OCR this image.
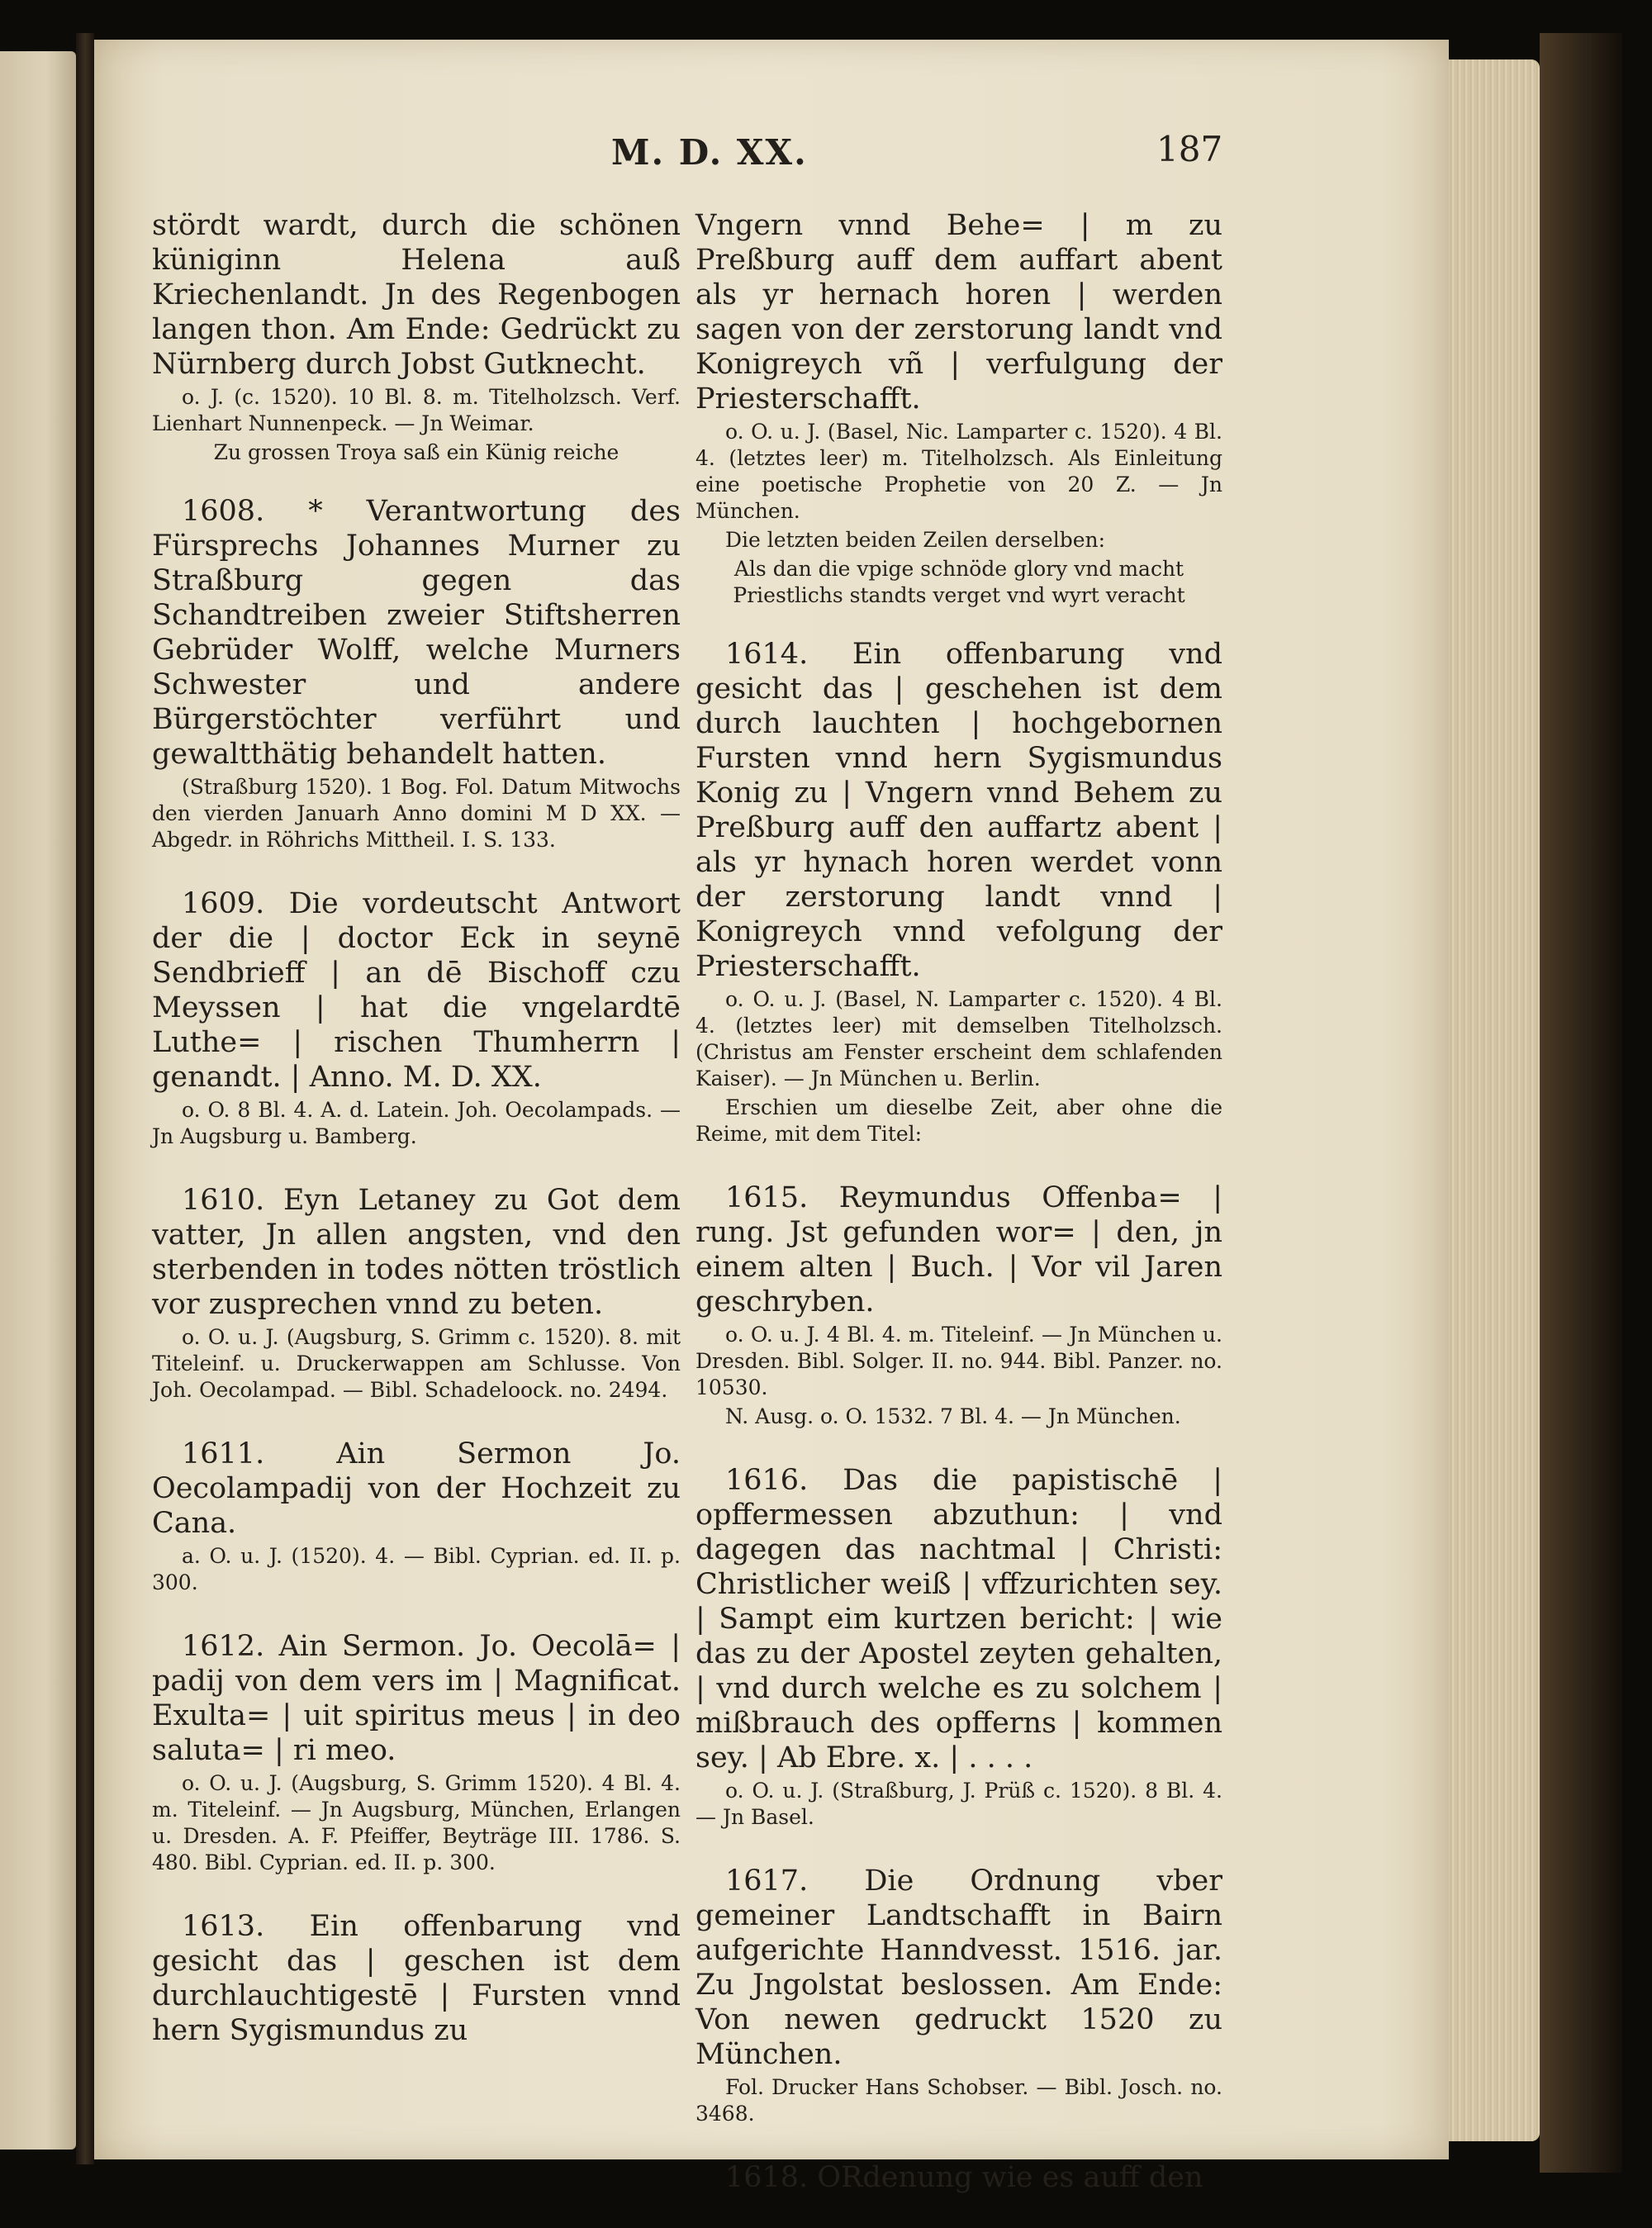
M. D. XX.	187

stördt wardt, durch die schönen küniginn Helena auß Kriechenlandt. Jn des Regenbogen langen thon. Am Ende: Gedrückt zu Nürnberg durch Jobst Gutknecht.

o. J. (c. 1520). 10 Bl. 8. m. Titelholzsch. Verf. Lienhart Nunnenpeck. — Jn Weimar.

Zu grossen Troya saß ein Künig reiche

1608. * Verantwortung des Fürsprechs Johannes Murner zu Straßburg gegen das Schandtreiben zweier Stiftsherren Gebrüder Wolff, welche Murners Schwester und andere Bürgerstöchter verführt und gewaltthätig behandelt hatten.

(Straßburg 1520). 1 Bog. Fol. Datum Mitwochs den vierden Januarh Anno domini M D XX. — Abgedr. in Röhrichs Mittheil. I. S. 133.

1609. Die vordeutscht Antwort der die | doctor Eck in seynē Sendbrieff | an dē Bischoff czu Meyssen | hat die vngelardtē Luthe= | rischen Thumherrn | genandt. | Anno. M. D. XX.

o. O. 8 Bl. 4. A. d. Latein. Joh. Oecolampads. — Jn Augsburg u. Bamberg.

1610. Eyn Letaney zu Got dem vatter, Jn allen angsten, vnd den sterbenden in todes nötten tröstlich vor zusprechen vnnd zu beten.

o. O. u. J. (Augsburg, S. Grimm c. 1520). 8. mit Titeleinf. u. Druckerwappen am Schlusse. Von Joh. Oecolampad. — Bibl. Schadeloock. no. 2494.

1611. Ain Sermon Jo. Oecolampadij von der Hochzeit zu Cana.

a. O. u. J. (1520). 4. — Bibl. Cyprian. ed. II. p. 300.

1612. Ain Sermon. Jo. Oecolā= | padij von dem vers im | Magnificat. Exulta= | uit spiritus meus | in deo saluta= | ri meo.

o. O. u. J. (Augsburg, S. Grimm 1520). 4 Bl. 4. m. Titeleinf. — Jn Augsburg, München, Erlangen u. Dresden. A. F. Pfeiffer, Beyträge III. 1786. S. 480. Bibl. Cyprian. ed. II. p. 300.

1613. Ein offenbarung vnd gesicht das | geschen ist dem durchlauchtigestē | Fursten vnnd hern Sygismundus zu

Vngern vnnd Behe= | m zu Preßburg auff dem auffart abent als yr hernach horen | werden sagen von der zerstorung landt vnd Konigreych vñ | verfulgung der Priesterschafft.

o. O. u. J. (Basel, Nic. Lamparter c. 1520). 4 Bl. 4. (letztes leer) m. Titelholzsch. Als Einleitung eine poetische Prophetie von 20 Z. — Jn München.

Die letzten beiden Zeilen derselben:

Als dan die vpige schnöde glory vnd macht Priestlichs standts verget vnd wyrt veracht

1614. Ein offenbarung vnd gesicht das | geschehen ist dem durch lauchten | hochgebornen Fursten vnnd hern Sygismundus Konig zu | Vngern vnnd Behem zu Preßburg auff den auffartz abent | als yr hynach horen werdet vonn der zerstorung landt vnnd | Konigreych vnnd vefolgung der Priesterschafft.

o. O. u. J. (Basel, N. Lamparter c. 1520). 4 Bl. 4. (letztes leer) mit demselben Titelholzsch. (Christus am Fenster erscheint dem schlafenden Kaiser). — Jn München u. Berlin.

Erschien um dieselbe Zeit, aber ohne die Reime, mit dem Titel:

1615. Reymundus Offenba= | rung. Jst gefunden wor= | den, jn einem alten | Buch. | Vor vil Jaren geschryben.

o. O. u. J. 4 Bl. 4. m. Titeleinf. — Jn München u. Dresden. Bibl. Solger. II. no. 944. Bibl. Panzer. no. 10530.

N. Ausg. o. O. 1532. 7 Bl. 4. — Jn München.

1616. Das die papistischē | opffermessen abzuthun: | vnd dagegen das nachtmal | Christi: Christlicher weiß | vffzurichten sey. | Sampt eim kurtzen bericht: | wie das zu der Apostel zeyten gehalten, | vnd durch welche es zu solchem | mißbrauch des opfferns | kommen sey. | Ab Ebre. x. | . . . .

o. O. u. J. (Straßburg, J. Prüß c. 1520). 8 Bl. 4. — Jn Basel.

1617. Die Ordnung vber gemeiner Landtschafft in Bairn aufgerichte Hanndvesst. 1516. jar. Zu Jngolstat beslossen. Am Ende: Von newen gedruckt 1520 zu München.

Fol. Drucker Hans Schobser. — Bibl. Josch. no. 3468.

1618. ORdenung wie es auff den
